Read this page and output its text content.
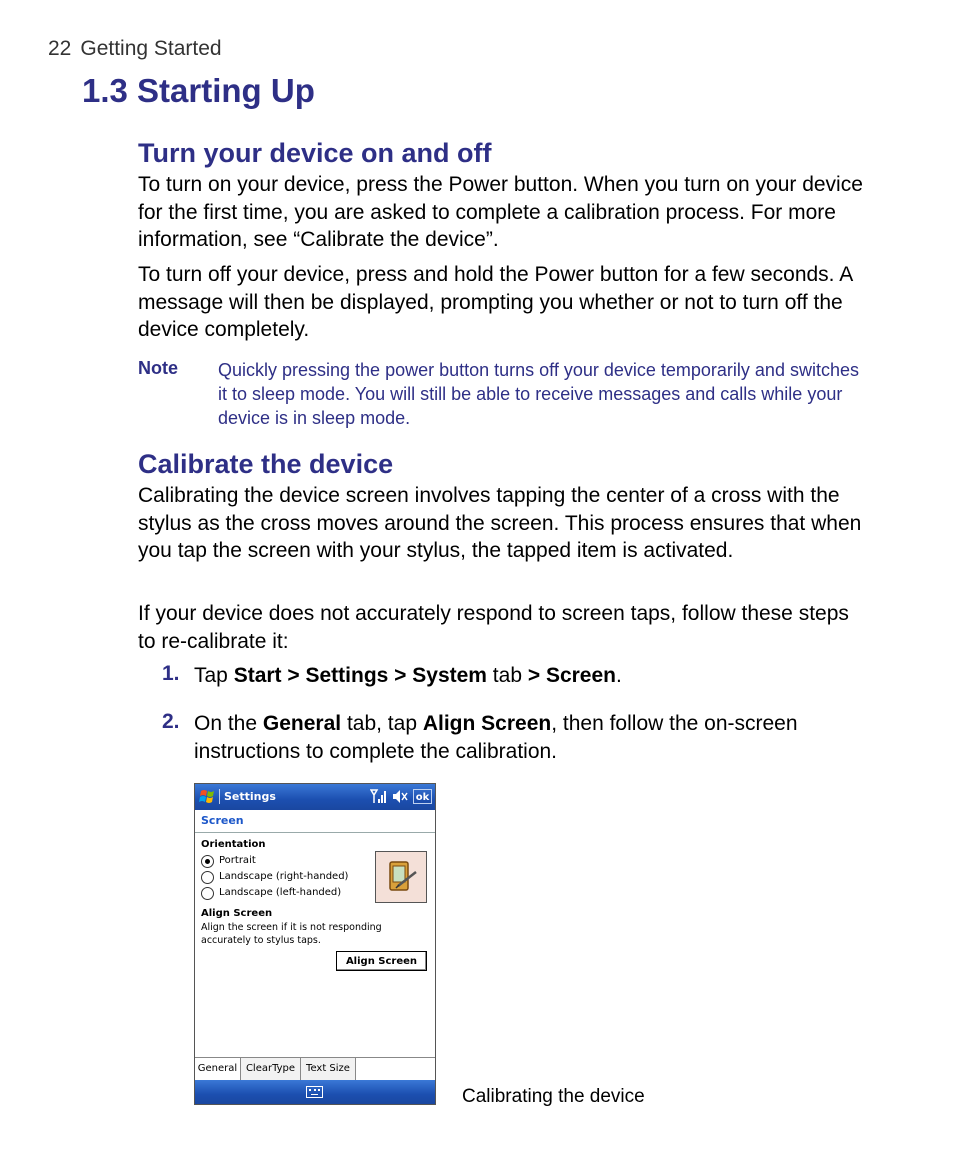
22 Getting Started
1.3 Starting Up
Turn your device on and off

To turn on your device, press the Power button. When you turn on your device for the first time, you are asked to complete a calibration process. For more information, see “Calibrate the device”.

To turn off your device, press and hold the Power button for a few seconds. A message will then be displayed, prompting you whether or not to turn off the device completely.

Note Quickly pressing the power button turns off your device temporarily and switches it to sleep mode. You will still be able to receive messages and calls while your device is in sleep mode.
Calibrate the device

Calibrating the device screen involves tapping the center of a cross with the stylus as the cross moves around the screen. This process ensures that when you tap the screen with your stylus, the tapped item is activated.

If your device does not accurately respond to screen taps, follow these steps to re-calibrate it:

1. Tap Start > Settings > System tab > Screen.
2. On the General tab, tap Align Screen, then follow the on-screen instructions to complete the calibration.
Settings	ok
Screen
Orientation
Portrait
Landscape (right-handed)
Landscape (left-handed)
Align Screen
Align the screen if it is not responding
accurately to stylus taps.
Align Screen
General ClearType	Text Size
Calibrating the device
